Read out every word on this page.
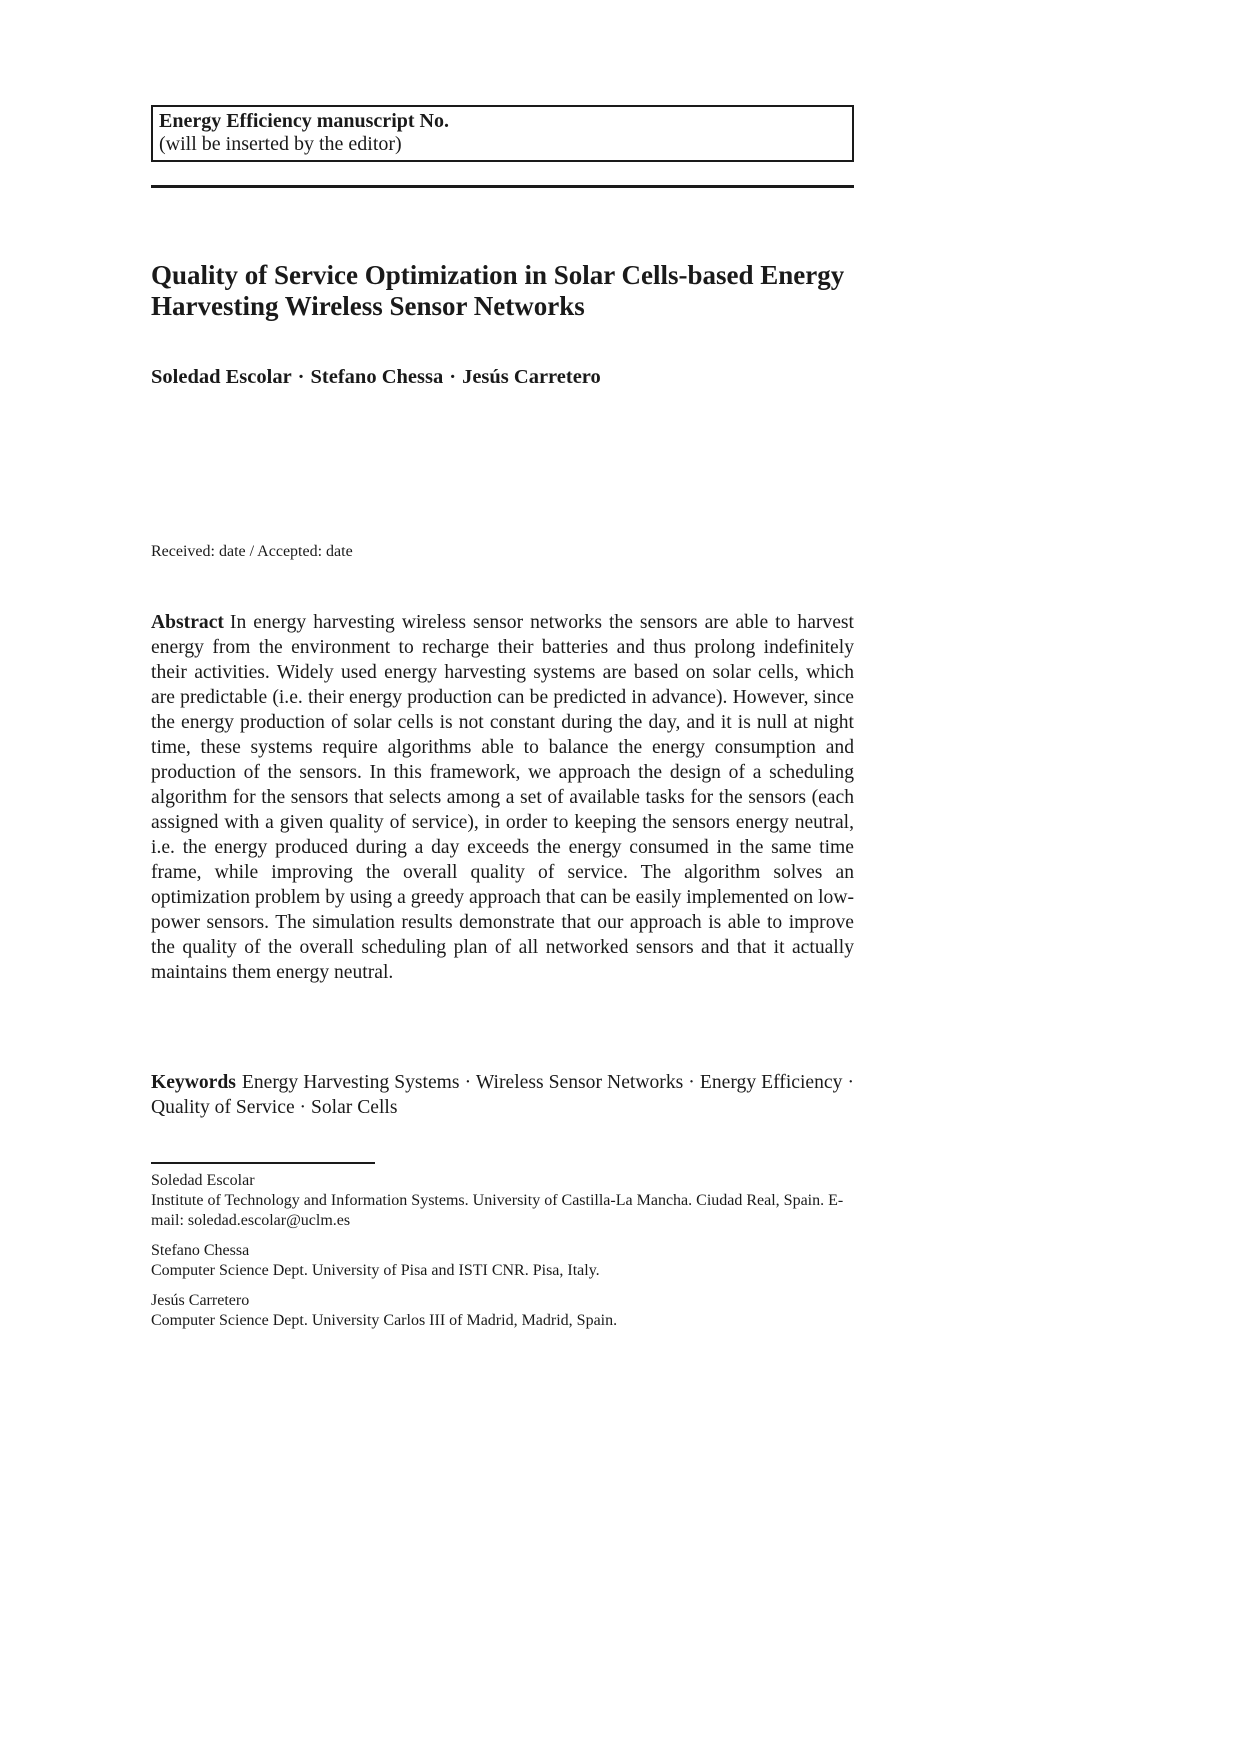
Energy Efficiency manuscript No.
(will be inserted by the editor)
Quality of Service Optimization in Solar Cells-based Energy Harvesting Wireless Sensor Networks
Soledad Escolar · Stefano Chessa · Jesús Carretero
Received: date / Accepted: date

Abstract In energy harvesting wireless sensor networks the sensors are able to harvest energy from the environment to recharge their batteries and thus prolong indefinitely their activities. Widely used energy harvesting systems are based on solar cells, which are predictable (i.e. their energy production can be predicted in advance). However, since the energy production of solar cells is not constant during the day, and it is null at night time, these systems require algorithms able to balance the energy consumption and production of the sensors. In this framework, we approach the design of a scheduling algorithm for the sensors that selects among a set of available tasks for the sensors (each assigned with a given quality of service), in order to keeping the sensors energy neutral, i.e. the energy produced during a day exceeds the energy consumed in the same time frame, while improving the overall quality of service. The algorithm solves an optimization problem by using a greedy approach that can be easily implemented on low-power sensors. The simulation results demonstrate that our approach is able to improve the quality of the overall scheduling plan of all networked sensors and that it actually maintains them energy neutral.

Keywords Energy Harvesting Systems · Wireless Sensor Networks · Energy Efficiency · Quality of Service · Solar Cells

Soledad Escolar
Institute of Technology and Information Systems. University of Castilla-La Mancha. Ciudad Real, Spain. E-mail: soledad.escolar@uclm.es
Stefano Chessa
Computer Science Dept. University of Pisa and ISTI CNR. Pisa, Italy.
Jesús Carretero
Computer Science Dept. University Carlos III of Madrid, Madrid, Spain.
